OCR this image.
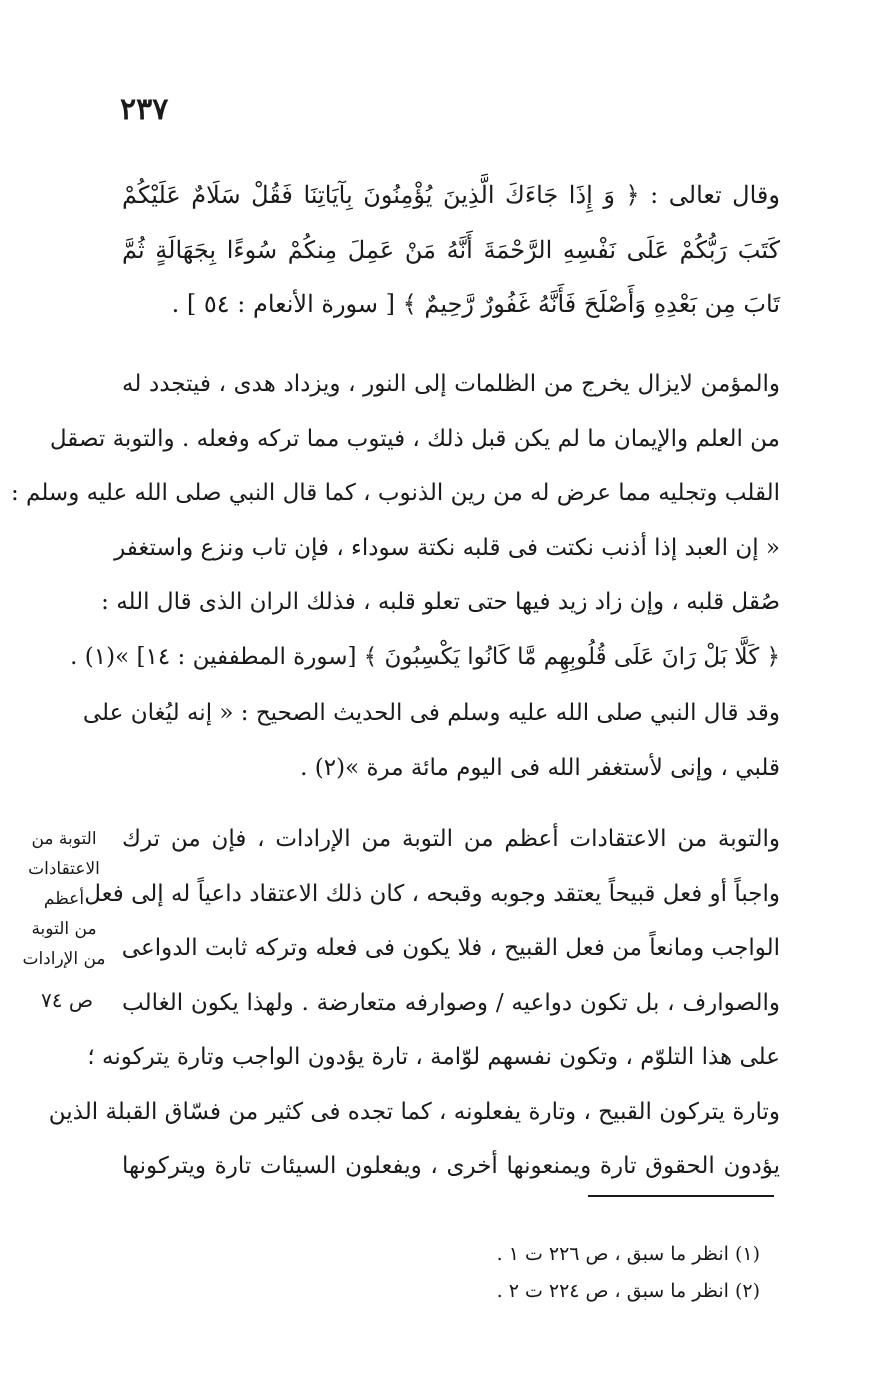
٢٣٧
وقال تعالى : ﴿ وَ إِذَا جَاءَكَ الَّذِينَ يُؤْمِنُونَ بِآيَاتِنَا فَقُلْ سَلَامٌ عَلَيْكُمْ
كَتَبَ رَبُّكُمْ عَلَى نَفْسِهِ الرَّحْمَةَ أَنَّهُ مَنْ عَمِلَ مِنكُمْ سُوءًا بِجَهَالَةٍ ثُمَّ
تَابَ مِن بَعْدِهِ وَأَصْلَحَ فَأَنَّهُ غَفُورٌ رَّحِيمٌ ﴾ [ سورة الأنعام : ٥٤ ] .
والمؤمن لايزال يخرج من الظلمات إلى النور ، ويزداد هدى ، فيتجدد له
من العلم والإيمان ما لم يكن قبل ذلك ، فيتوب مما تركه وفعله . والتوبة تصقل
القلب وتجليه مما عرض له من رين الذنوب ، كما قال النبي صلى الله عليه وسلم :
« إن العبد إذا أذنب نكتت فى قلبه نكتة سوداء ، فإن تاب ونزع واستغفر
صُقل قلبه ، وإن زاد زيد فيها حتى تعلو قلبه ، فذلك الران الذى قال الله :
﴿ كَلَّا بَلْ رَانَ عَلَى قُلُوبِهِم مَّا كَانُوا يَكْسِبُونَ ﴾ [سورة المطففين : ١٤] »(١) .
وقد قال النبي صلى الله عليه وسلم فى الحديث الصحيح : « إنه ليُغان على
قلبي ، وإنى لأستغفر الله فى اليوم مائة مرة »(٢) .
والتوبة من الاعتقادات أعظم من التوبة من الإرادات ، فإن من ترك
واجباً أو فعل قبيحاً يعتقد وجوبه وقبحه ، كان ذلك الاعتقاد داعياً له إلى فعل
الواجب ومانعاً من فعل القبيح ، فلا يكون فى فعله وتركه ثابت الدواعى
والصوارف ، بل تكون دواعيه / وصوارفه متعارضة . ولهذا يكون الغالب
على هذا التلوّم ، وتكون نفسهم لوّامة ، تارة يؤدون الواجب وتارة يتركونه ؛
وتارة يتركون القبيح ، وتارة يفعلونه ، كما تجده فى كثير من فسّاق القبلة الذين
يؤدون الحقوق تارة ويمنعونها أخرى ، ويفعلون السيئات تارة ويتركونها
التوبة من
الاعتقادات أعظم
من التوبة
من الإرادات
ص ٧٤
(١) انظر ما سبق ، ص ٢٢٦ ت ١ .
(٢) انظر ما سبق ، ص ٢٢٤ ت ٢ .
